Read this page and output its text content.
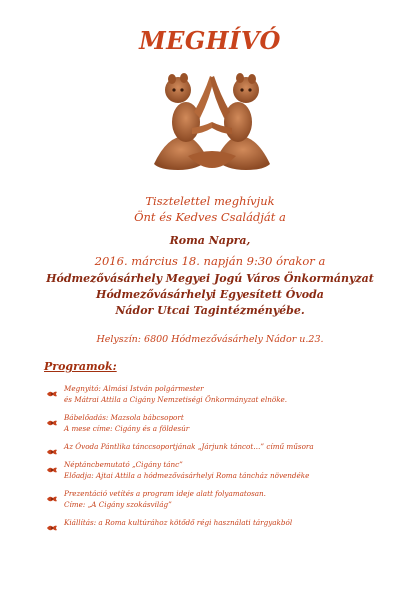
MEGHÍVÓ
Tisztelettel meghívjuk
Önt és Kedves Családját a
Roma Napra,
2016. március 18. napján 9:30 órakor a
Hódmezővásárhely Megyei Jogú Város Önkormányzat
Hódmezővásárhelyi Egyesített Óvoda
Nádor Utcai Tagintézményébe.
Helyszín: 6800 Hódmezővásárhely Nádor u.23.
Programok:
Megnyitó: Almási István polgármester
és Mátrai Attila a Cigány Nemzetiségi Önkormányzat elnöke.
Bábelőadás: Mazsola bábcsoport
A mese címe: Cigány és a földesúr
Az Óvoda Pántlika tánccsoportjának „Járjunk táncot…” című műsora
Néptáncbemutató „Cigány tánc”
Előadja: Ajtai Attila a hódmezővásárhelyi Roma táncház növendéke
Prezentáció vetítés a program ideje alatt folyamatosan.
Címe: „A Cigány szokásvilág”
Kiállítás: a Roma kultúrához kötődő régi használati tárgyakból
